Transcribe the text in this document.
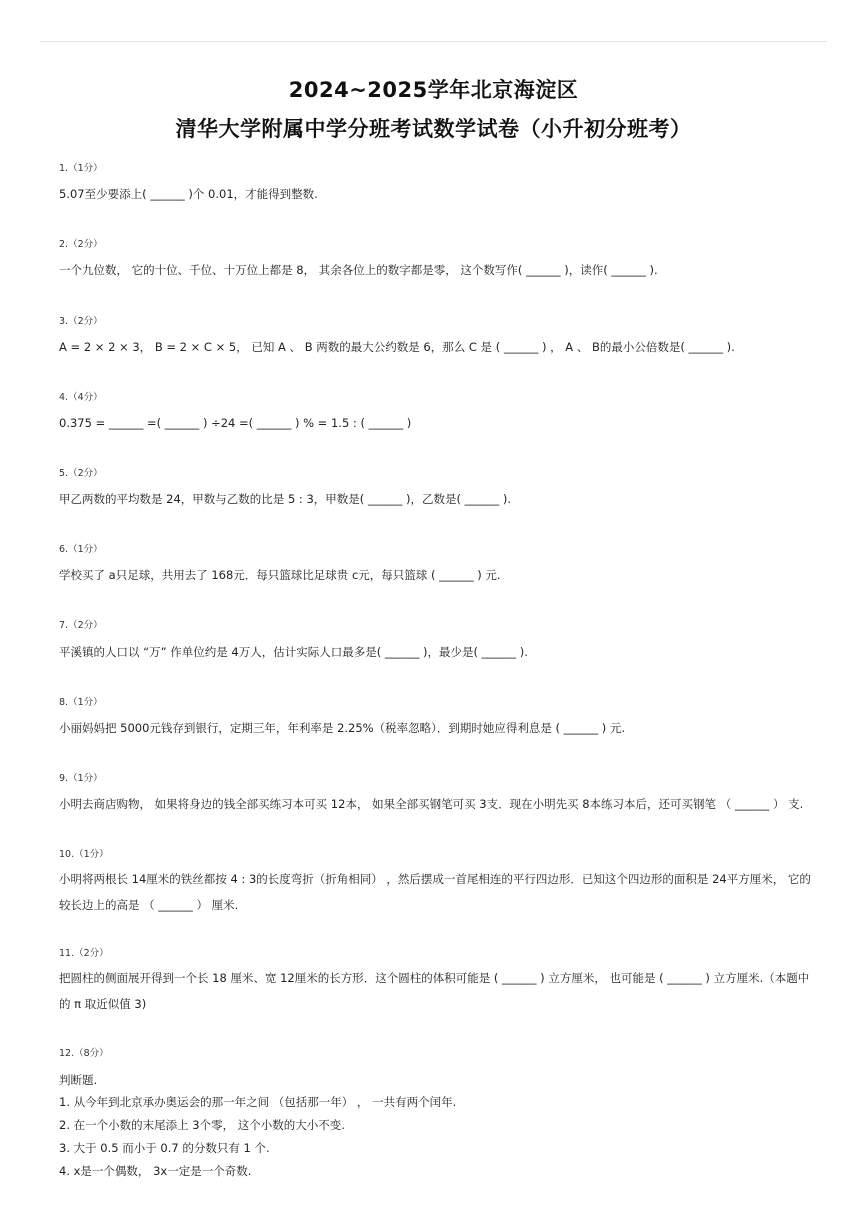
2024~2025学年北京海淀区
清华大学附属中学分班考试数学试卷（小升初分班考）
1.（1分）
5.07至少要添上( ______ )个 0.01，才能得到整数.
2.（2分）
一个九位数， 它的十位、千位、十万位上都是 8， 其余各位上的数字都是零， 这个数写作( ______ )，读作( ______ ).
3.（2分）
A = 2 × 2 × 3， B = 2 × C × 5， 已知 A 、 B 两数的最大公约数是 6，那么 C 是 ( ______ ) ， A 、 B的最小公倍数是( ______ ).
4.（4分）
0.375 = ______ =( ______ ) ÷24 =( ______ ) % = 1.5 : ( ______ )
5.（2分）
甲乙两数的平均数是 24，甲数与乙数的比是 5 : 3，甲数是( ______ )，乙数是( ______ ).
6.（1分）
学校买了 a只足球，共用去了 168元．每只篮球比足球贵 c元，每只篮球 ( ______ ) 元.
7.（2分）
平溪镇的人口以 “万” 作单位约是 4万人，估计实际人口最多是( ______ )，最少是( ______ ).
8.（1分）
小丽妈妈把 5000元钱存到银行，定期三年，年利率是 2.25%（税率忽略）．到期时她应得利息是 ( ______ ) 元.
9.（1分）
小明去商店购物， 如果将身边的钱全部买练习本可买 12本， 如果全部买钢笔可买 3支．现在小明先买 8本练习本后，还可买钢笔 （ ______ ） 支.
10.（1分）
小明将两根长 14厘米的铁丝都按 4 : 3的长度弯折（折角相同） ，然后摆成一首尾相连的平行四边形．已知这个四边形的面积是 24平方厘米， 它的较长边上的高是 （ ______ ） 厘米.
11.（2分）
把圆柱的侧面展开得到一个长 18 厘米、宽 12厘米的长方形．这个圆柱的体积可能是 ( ______ ) 立方厘米， 也可能是 ( ______ ) 立方厘米.（本题中的 π 取近似值 3)
12.（8分）
判断题.
1. 从今年到北京承办奥运会的那一年之间 （包括那一年） ， 一共有两个闰年.
2. 在一个小数的末尾添上 3个零， 这个小数的大小不变.
3. 大于 0.5 而小于 0.7 的分数只有 1 个.
4. x是一个偶数， 3x一定是一个奇数.
